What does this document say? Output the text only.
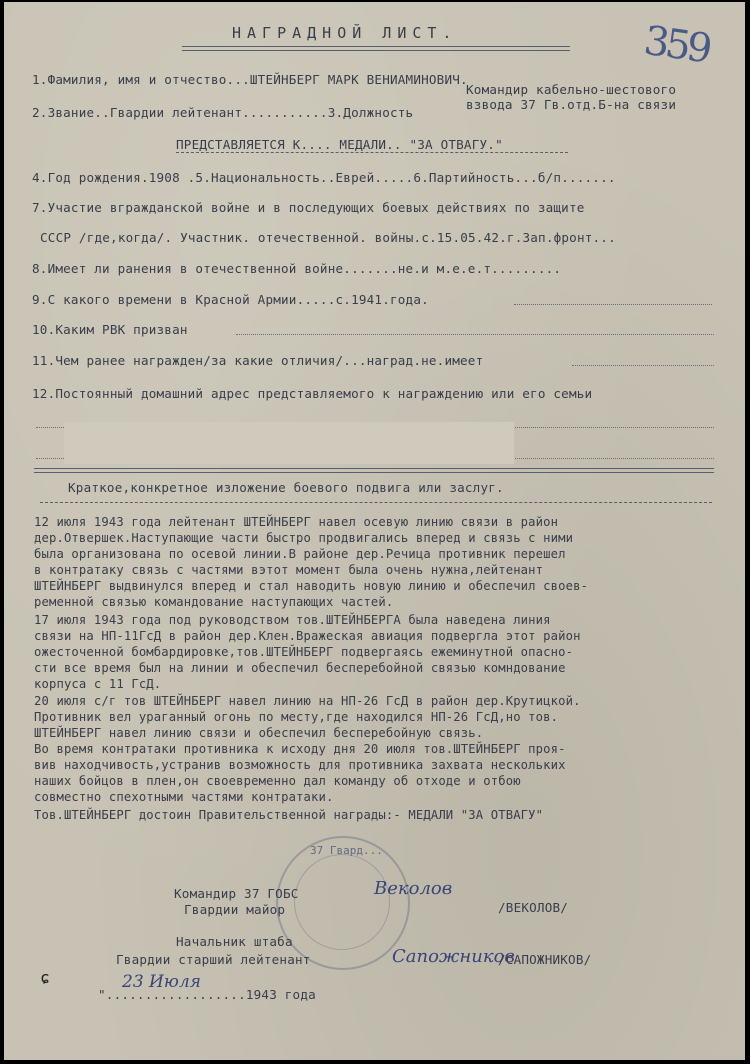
НАГРАДНОЙ ЛИСТ.	359
1.Фамилия, имя и отчество...ШТЕЙНБЕРГ МАРК ВЕНИАМИНОВИЧ.
Командир кабельно-шестового
2.Звание..Гвардии лейтенант...........3.Должность
взвода 37 Гв.отд.Б-на связи
ПРЕДСТАВЛЯЕТСЯ К.... МЕДАЛИ.. "ЗА ОТВАГУ."
4.Год рождения.1908 .5.Национальность..Еврей.....6.Партийность...б/п.......
7.Участие вгражданской войне и в последующих боевых действиях по защите
СССР /где,когда/. Участник. отечественной. войны.с.15.05.42.г.Зап.фронт...
8.Имеет ли ранения в отечественной войне.......не.и м.е.е.т.........
9.С какого времени в Красной Армии.....с.1941.года.
10.Каким РВК призван
11.Чем ранее награжден/за какие отличия/...наград.не.имеет
12.Постоянный домашний адрес представляемого к награждению или его семьи
Краткое,конкретное изложение боевого подвига или заслуг.
12 июля 1943 года лейтенант ШТЕЙНБЕРГ навел осевую линию связи в район
дер.Отвершек.Наступающие части быстро продвигались вперед и связь с ними
была организована по осевой линии.В районе дер.Речица противник перешел
в контратаку связь с частями вэтот момент была очень нужна,лейтенант
ШТЕЙНБЕРГ выдвинулся вперед и стал наводить новую линию и обеспечил своев-
ременной связью командование наступающих частей.
17 июля 1943 года под руководством тов.ШТЕЙНБЕРГА была наведена линия
связи на НП-11ГсД в район дер.Клен.Вражеская авиация подвергла этот район
ожесточенной бомбардировке,тов.ШТЕЙНБЕРГ подвергаясь ежеминутной опасно-
сти все время был на линии и обеспечил бесперебойной связью комндование
корпуса с 11 ГсД.
20 июля с/г тов ШТЕЙНБЕРГ навел линию на НП-26 ГсД в район дер.Крутицкой.
Противник вел ураганный огонь по месту,где находился НП-26 ГсД,но тов.
ШТЕЙНБЕРГ навел линию связи и обеспечил бесперебойную связь.
Во время контратаки противника к исходу дня 20 июля тов.ШТЕЙНБЕРГ проя-
вив находчивость,устранив возможность для противника захвата нескольких
наших бойцов в плен,он своевременно дал команду об отходе и отбою
совместно спехотными частями контратаки.
Тов.ШТЕЙНБЕРГ достоин Правительственной награды:- МЕДАЛИ "ЗА ОТВАГУ"
37 Гвард...
Командир 37 ГОБС
Гвардии майор
Веколов
/ВЕКОЛОВ/
Начальник штаба
Гвардии старший лейтенант	Сапожников
/САПОЖНИКОВ/
23 Июля
"..................1943 года
ɕ
